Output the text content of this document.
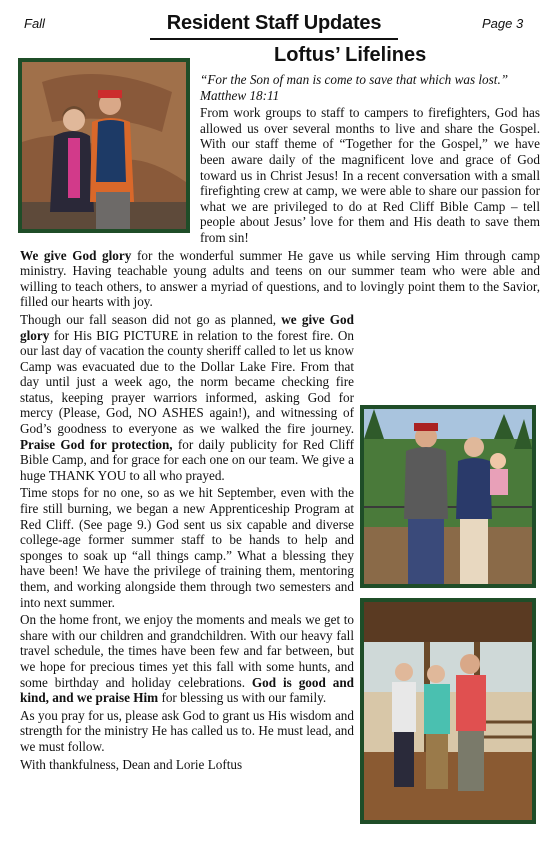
Fall	Resident Staff Updates	Page 3
Loftus’ Lifelines

“For the Son of man is come to save that which was lost.” Matthew 18:11

From work groups to staff to campers to firefighters, God has allowed us over several months to live and share the Gospel. With our staff theme of “Together for the Gospel,” we have been aware daily of the magnificent love and grace of God toward us in Christ Jesus! In a recent conversation with a small firefighting crew at camp, we were able to share our passion for what we are privileged to do at Red Cliff Bible Camp – tell people about Jesus’ love for them and His death to save them from sin!

We give God glory for the wonderful summer He gave us while serving Him through camp ministry. Having teachable young adults and teens on our summer team who were able and willing to teach others, to answer a myriad of questions, and to lovingly point them to the Savior, filled our hearts with joy.

Though our fall season did not go as planned, we give God glory for His BIG PICTURE in relation to the forest fire. On our last day of vacation the county sheriff called to let us know Camp was evacuated due to the Dollar Lake Fire. From that day until just a week ago, the norm became checking fire status, keeping prayer warriors informed, asking God for mercy (Please, God, NO ASHES again!), and witnessing of God’s goodness to everyone as we walked the fire journey. Praise God for protection, for daily publicity for Red Cliff Bible Camp, and for grace for each one on our team. We give a huge THANK YOU to all who prayed.

Time stops for no one, so as we hit September, even with the fire still burning, we began a new Apprenticeship Program at Red Cliff. (See page 9.) God sent us six capable and diverse college-age former summer staff to be hands to help and sponges to soak up “all things camp.” What a blessing they have been! We have the privilege of training them, mentoring them, and working alongside them through two semesters and into next summer.

On the home front, we enjoy the moments and meals we get to share with our children and grandchildren. With our heavy fall travel schedule, the times have been few and far between, but we hope for precious times yet this fall with some hunts, and some birthday and holiday celebrations. God is good and kind, and we praise Him for blessing us with our family.

As you pray for us, please ask God to grant us His wisdom and strength for the ministry He has called us to. He must lead, and we must follow.

With thankfulness, Dean and Lorie Loftus
